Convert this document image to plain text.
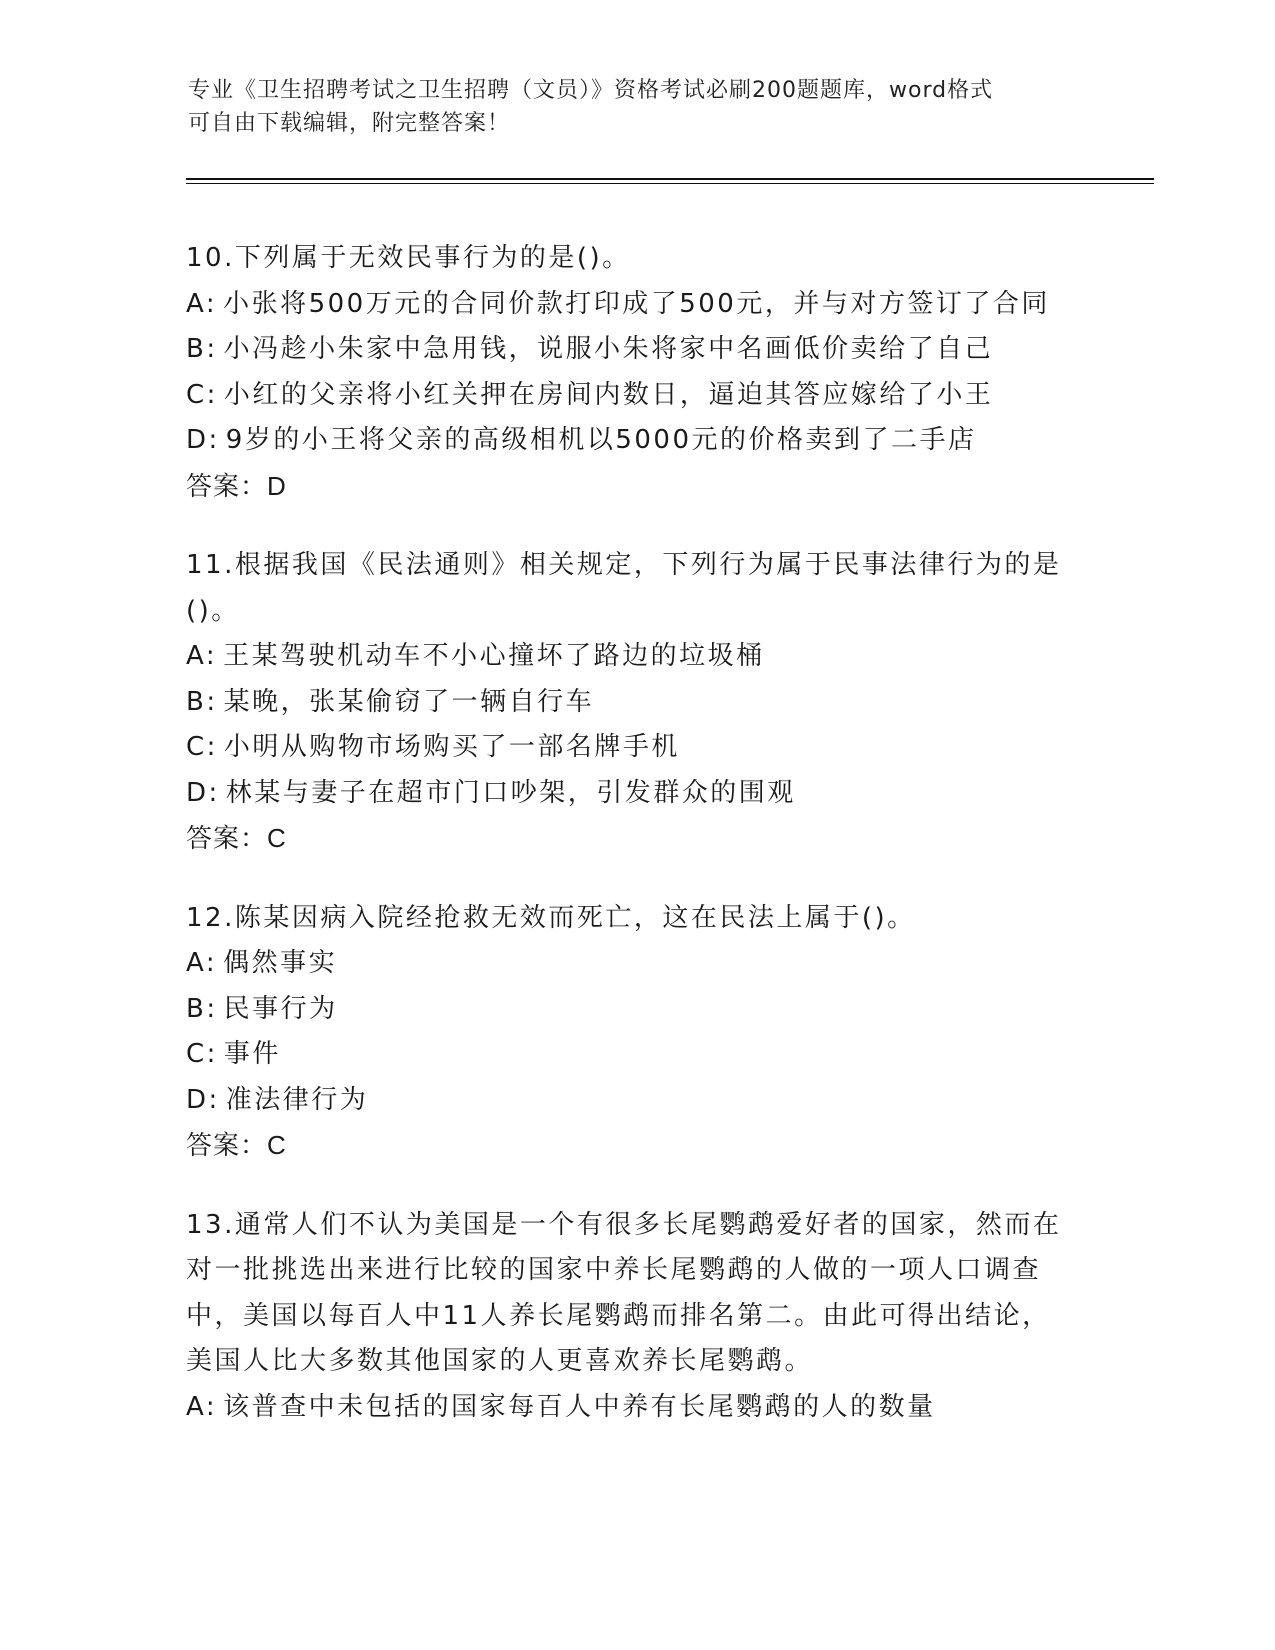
专业《卫生招聘考试之卫生招聘（文员）》资格考试必刷200题题库，word格式
可自由下载编辑，附完整答案！
10.下列属于无效民事行为的是()。
A: 小张将500万元的合同价款打印成了500元，并与对方签订了合同
B: 小冯趁小朱家中急用钱，说服小朱将家中名画低价卖给了自己
C: 小红的父亲将小红关押在房间内数日，逼迫其答应嫁给了小王
D: 9岁的小王将父亲的高级相机以5000元的价格卖到了二手店
答案：D
11.根据我国《民法通则》相关规定，下列行为属于民事法律行为的是()。
A: 王某驾驶机动车不小心撞坏了路边的垃圾桶
B: 某晚，张某偷窃了一辆自行车
C: 小明从购物市场购买了一部名牌手机
D: 林某与妻子在超市门口吵架，引发群众的围观
答案：C
12.陈某因病入院经抢救无效而死亡，这在民法上属于()。
A: 偶然事实
B: 民事行为
C: 事件
D: 准法律行为
答案：C
13.通常人们不认为美国是一个有很多长尾鹦鹉爱好者的国家，然而在对一批挑选出来进行比较的国家中养长尾鹦鹉的人做的一项人口调查中，美国以每百人中11人养长尾鹦鹉而排名第二。由此可得出结论，美国人比大多数其他国家的人更喜欢养长尾鹦鹉。
A: 该普查中未包括的国家每百人中养有长尾鹦鹉的人的数量
